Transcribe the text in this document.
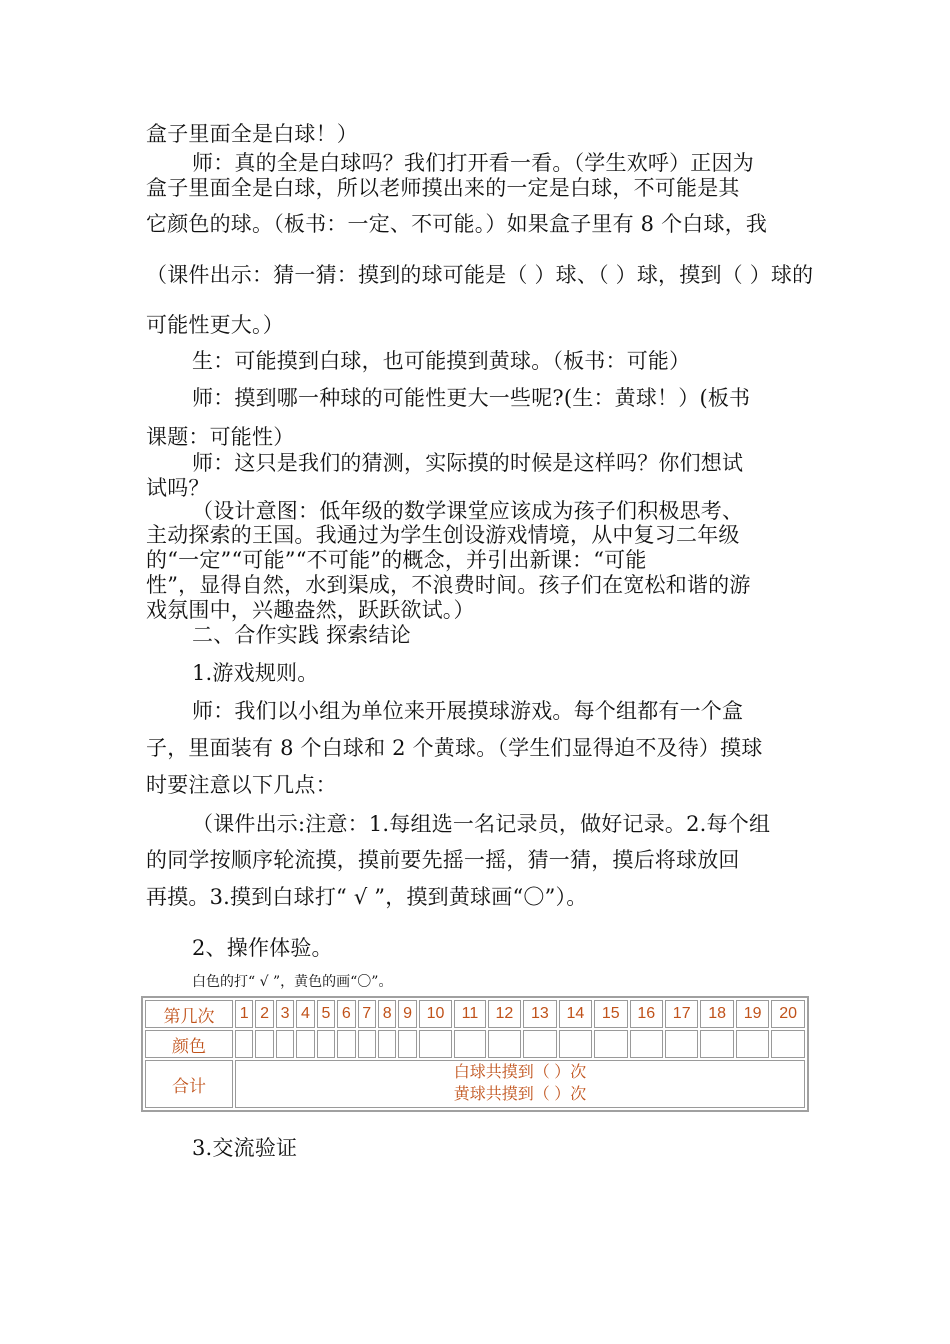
盒子里面全是白球！）
师：真的全是白球吗？我们打开看一看。（学生欢呼）正因为
盒子里面全是白球，所以老师摸出来的一定是白球，不可能是其
它颜色的球。（板书：一定、不可能。）如果盒子里有 8 个白球，我
（课件出示：猜一猜：摸到的球可能是（ ）球、（ ）球，摸到（ ）球的
可能性更大。）
生：可能摸到白球，也可能摸到黄球。（板书：可能）
师：摸到哪一种球的可能性更大一些呢?(生：黄球！）(板书
课题：可能性）
师：这只是我们的猜测，实际摸的时候是这样吗？你们想试
试吗？
（设计意图：低年级的数学课堂应该成为孩子们积极思考、
主动探索的王国。我通过为学生创设游戏情境，从中复习二年级
的“一定”“可能”“不可能”的概念，并引出新课：“可能
性”，显得自然，水到渠成，不浪费时间。孩子们在宽松和谐的游
戏氛围中，兴趣盎然，跃跃欲试。）
二、合作实践 探索结论
1.游戏规则。
师：我们以小组为单位来开展摸球游戏。每个组都有一个盒
子，里面装有 8 个白球和 2 个黄球。（学生们显得迫不及待）摸球
时要注意以下几点：
（课件出示:注意：1.每组选一名记录员，做好记录。2.每个组
的同学按顺序轮流摸，摸前要先摇一摇，猜一猜，摸后将球放回
再摸。3.摸到白球打“ √ ”，摸到黄球画“〇”）。
2、操作体验。
白色的打“ √ ”，黄色的画“〇”。
第几次	1	2	3	4	5	6	7	8	9	10	11	12	13	14	15	16	17	18	19	20
颜色																				
合计	白球共摸到（ ）次
黄球共摸到（ ）次																			
3.交流验证
